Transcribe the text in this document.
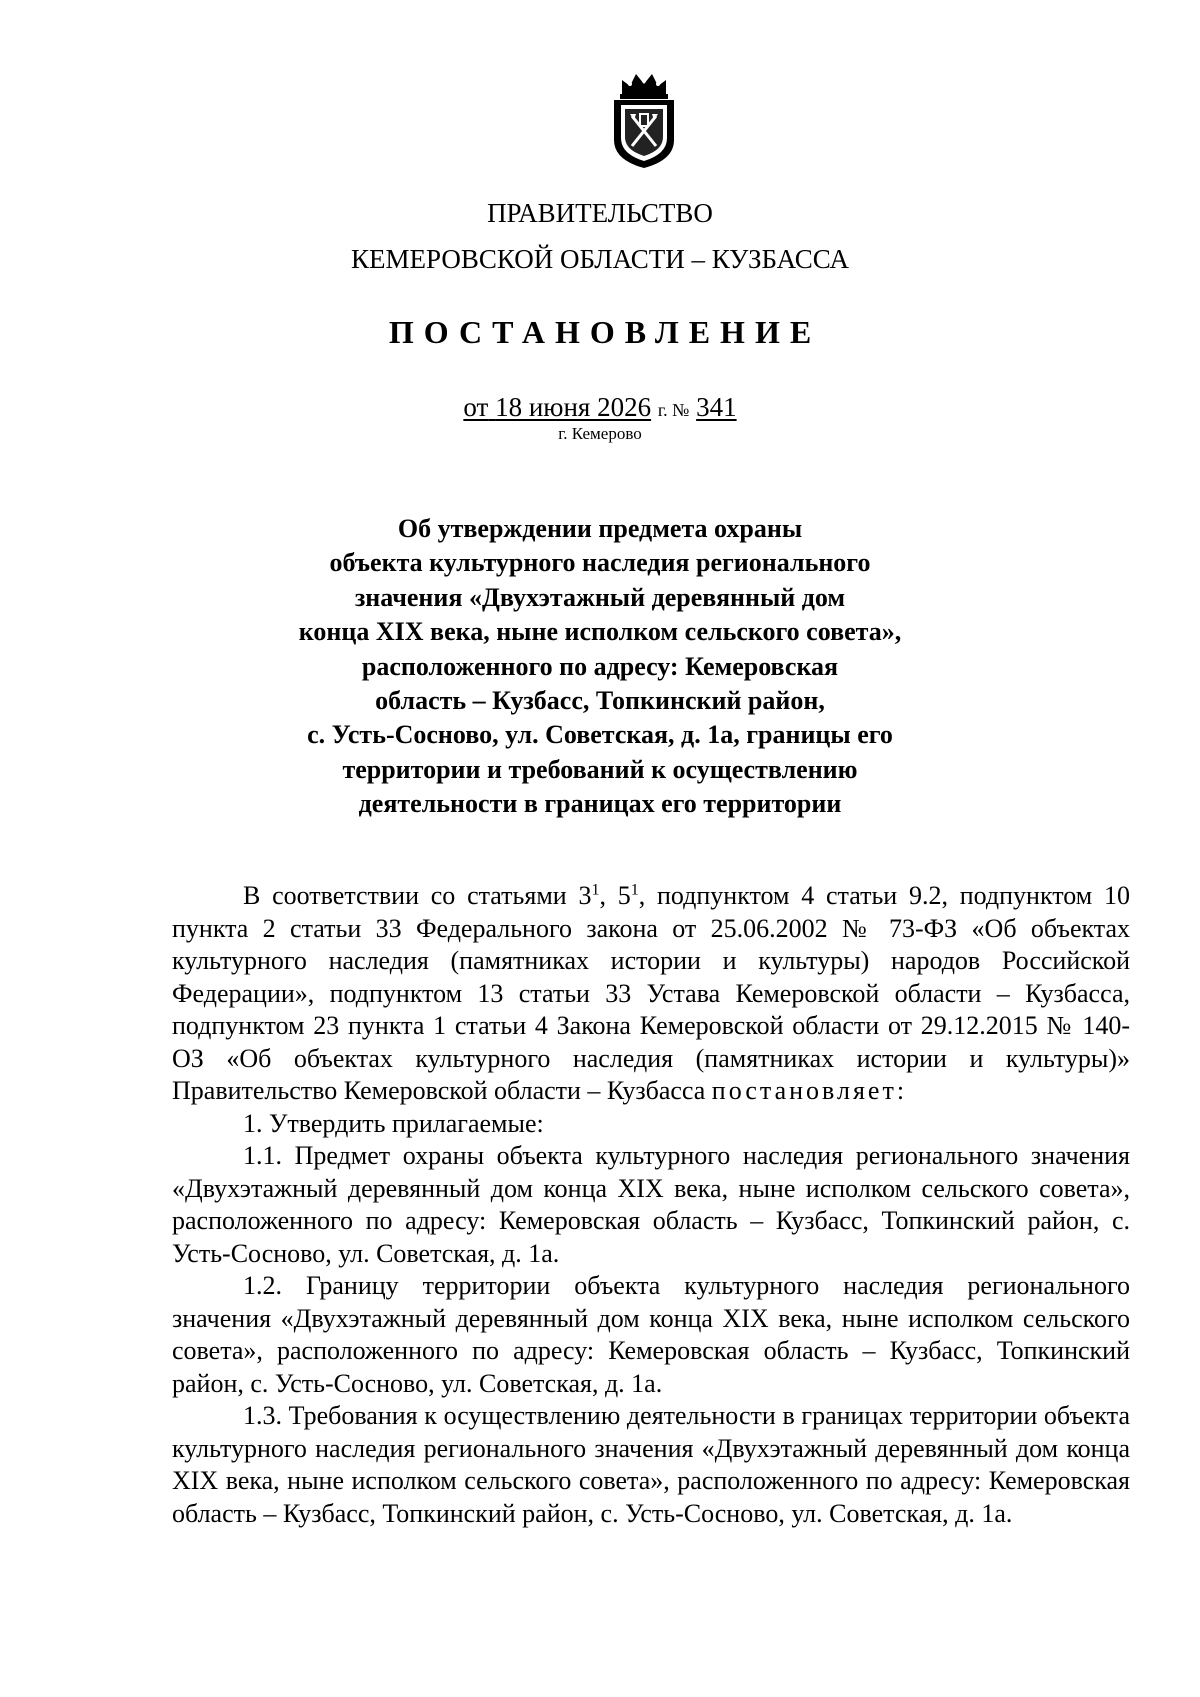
ПРАВИТЕЛЬСТВО
КЕМЕРОВСКОЙ ОБЛАСТИ – КУЗБАССА
ПОСТАНОВЛЕНИЕ
от 18 июня 2026 г. № 341
г. Кемерово
Об утверждении предмета охраны
объекта культурного наследия регионального
значения «Двухэтажный деревянный дом
конца XIX века, ныне исполком сельского совета»,
расположенного по адресу: Кемеровская
область – Кузбасс, Топкинский район,
с. Усть-Сосново, ул. Советская, д. 1а, границы его
территории и требований к осуществлению
деятельности в границах его территории

В соответствии со статьями $3^1$, $5^1$, подпунктом 4 статьи 9.2, подпунктом 10 пункта 2 статьи 33 Федерального закона от 25.06.2002 № 73-ФЗ «Об объектах культурного наследия (памятниках истории и культуры) народов Российской Федерации», подпунктом 13 статьи 33 Устава Кемеровской области – Кузбасса, подпунктом 23 пункта 1 статьи 4 Закона Кемеровской области от 29.12.2015 № 140-ОЗ «Об объектах культурного наследия (памятниках истории и культуры)» Правительство Кемеровской области – Кузбасса постановляет:

1. Утвердить прилагаемые:

1.1. Предмет охраны объекта культурного наследия регионального значения «Двухэтажный деревянный дом конца XIX века, ныне исполком сельского совета», расположенного по адресу: Кемеровская область – Кузбасс, Топкинский район, с. Усть-Сосново, ул. Советская, д. 1а.

1.2. Границу территории объекта культурного наследия регионального значения «Двухэтажный деревянный дом конца XIX века, ныне исполком сельского совета», расположенного по адресу: Кемеровская область – Кузбасс, Топкинский район, с. Усть-Сосново, ул. Советская, д. 1а.

1.3. Требования к осуществлению деятельности в границах территории объекта культурного наследия регионального значения «Двухэтажный деревянный дом конца XIX века, ныне исполком сельского совета», расположенного по адресу: Кемеровская область – Кузбасс, Топкинский район, с. Усть-Сосново, ул. Советская, д. 1а.
